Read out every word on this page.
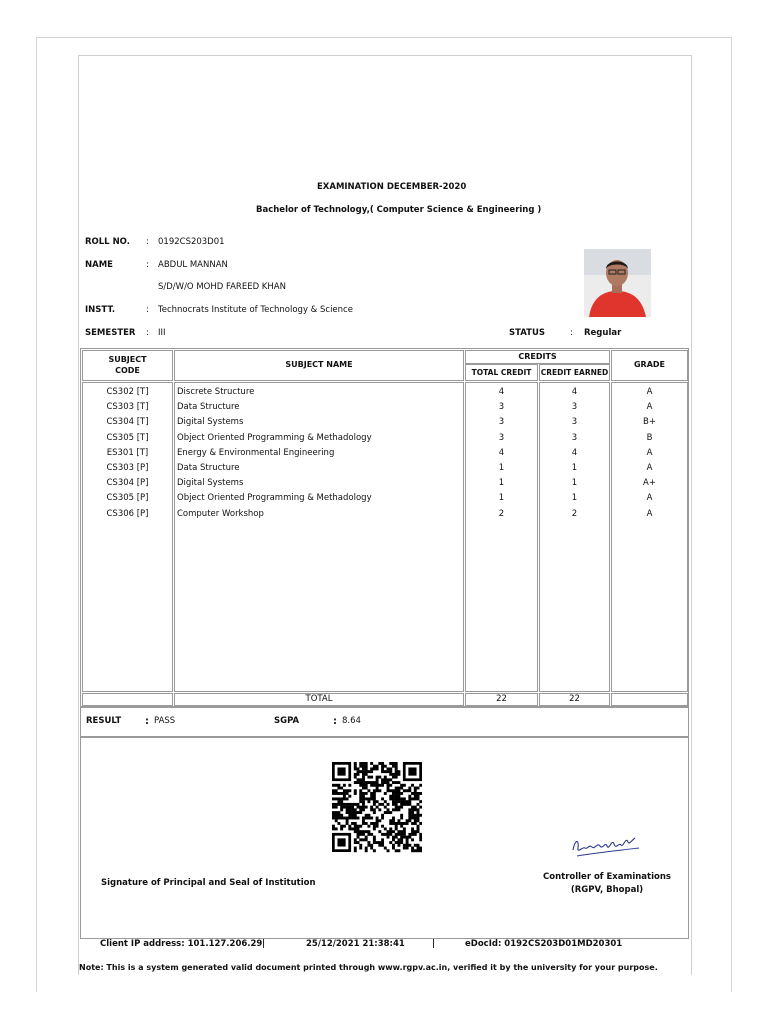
EXAMINATION DECEMBER-2020
Bachelor of Technology,( Computer Science & Engineering )
ROLL NO. : 0192CS203D01
NAME	: ABDUL MANNAN
S/D/W/O MOHD FAREED KHAN
INSTT.	: Technocrats Institute of Technology & Science
SEMESTER : III	STATUS	: Regular
SUBJECT CODE
SUBJECT NAME
CREDITS
TOTAL CREDIT	CREDIT EARNED
GRADE
CS302 [T]	Discrete Structure	4	4	A
CS303 [T]	Data Structure	3	3	A
CS304 [T]	Digital Systems	3	3	B+
CS305 [T]	Object Oriented Programming & Methadology	3	3	B
ES301 [T]	Energy & Environmental Engineering	4	4	A
CS303 [P]	Data Structure	1	1	A
CS304 [P]	Digital Systems	1	1	A+
CS305 [P]	Object Oriented Programming & Methadology	1	1	A
CS306 [P]	Computer Workshop	2	2	A
TOTAL	22	22
RESULT : PASS	SGPA	: 8.64
Signature of Principal and Seal of Institution
Controller of Examinations
(RGPV, Bhopal)
Client IP address: 101.127.206.29 |	25/12/2021 21:38:41	|	eDocId: 0192CS203D01MD20301
Note: This is a system generated valid document printed through www.rgpv.ac.in, verified it by the university for your purpose.
